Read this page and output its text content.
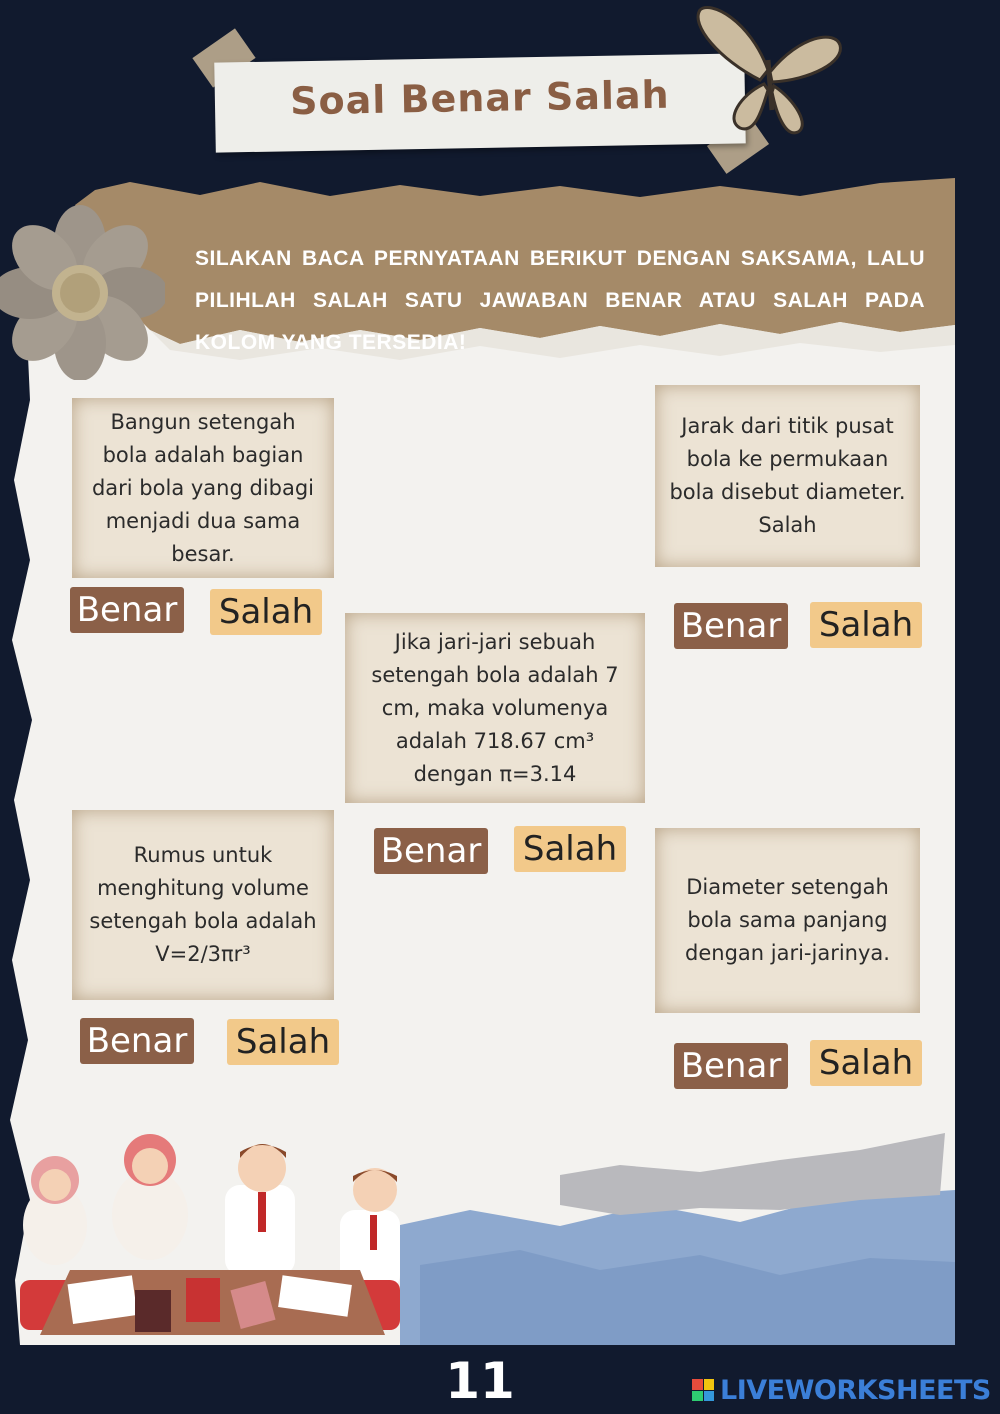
Soal Benar Salah
SILAKAN BACA PERNYATAAN BERIKUT DENGAN SAKSAMA, LALU PILIHLAH SALAH SATU JAWABAN BENAR ATAU SALAH PADA KOLOM YANG TERSEDIA!
Bangun setengah bola adalah bagian dari bola yang dibagi menjadi dua sama besar.
Benar Salah
Jarak dari titik pusat bola ke permukaan bola disebut diameter. Salah
Benar Salah
Jika jari-jari sebuah setengah bola adalah 7 cm, maka volumenya adalah 718.67 cm³ dengan π=3.14
Benar Salah
Rumus untuk menghitung volume setengah bola adalah V=2/3πr³
Benar Salah
Diameter setengah bola sama panjang dengan jari-jarinya.
Benar Salah
11	LIVEWORKSHEETS
